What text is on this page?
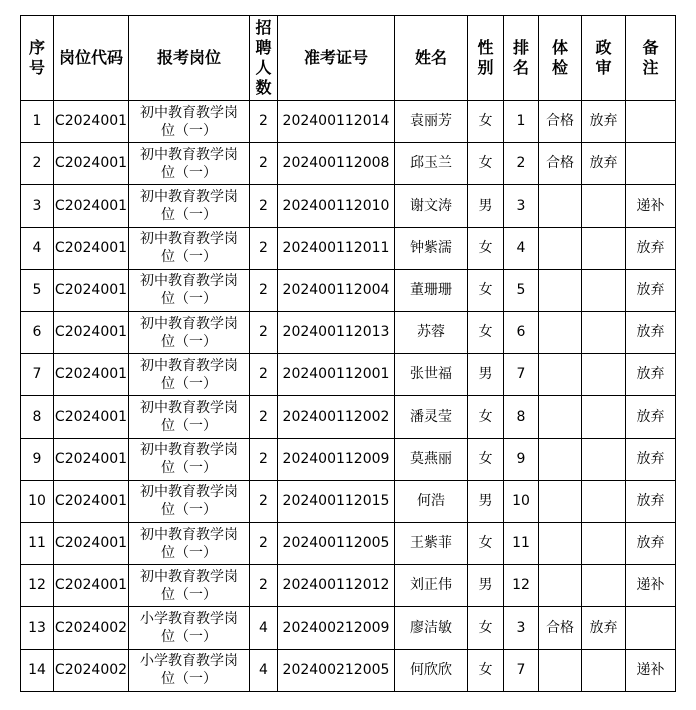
序号	岗位代码	报考岗位	招聘人数	准考证号	姓名	性别	排名	体检	政审	备注
1	C2024001	初中教育教学岗位（一）	2	202400112014	袁丽芳	女	1	合格	放弃	
2	C2024001	初中教育教学岗位（一）	2	202400112008	邱玉兰	女	2	合格	放弃	
3	C2024001	初中教育教学岗位（一）	2	202400112010	谢文涛	男	3			递补
4	C2024001	初中教育教学岗位（一）	2	202400112011	钟紫濡	女	4			放弃
5	C2024001	初中教育教学岗位（一）	2	202400112004	董珊珊	女	5			放弃
6	C2024001	初中教育教学岗位（一）	2	202400112013	苏蓉	女	6			放弃
7	C2024001	初中教育教学岗位（一）	2	202400112001	张世福	男	7			放弃
8	C2024001	初中教育教学岗位（一）	2	202400112002	潘灵莹	女	8			放弃
9	C2024001	初中教育教学岗位（一）	2	202400112009	莫燕丽	女	9			放弃
10	C2024001	初中教育教学岗位（一）	2	202400112015	何浩	男	10			放弃
11	C2024001	初中教育教学岗位（一）	2	202400112005	王紫菲	女	11			放弃
12	C2024001	初中教育教学岗位（一）	2	202400112012	刘正伟	男	12			递补
13	C2024002	小学教育教学岗位（一）	4	202400212009	廖洁敏	女	3	合格	放弃	
14	C2024002	小学教育教学岗位（一）	4	202400212005	何欣欣	女	7			递补
